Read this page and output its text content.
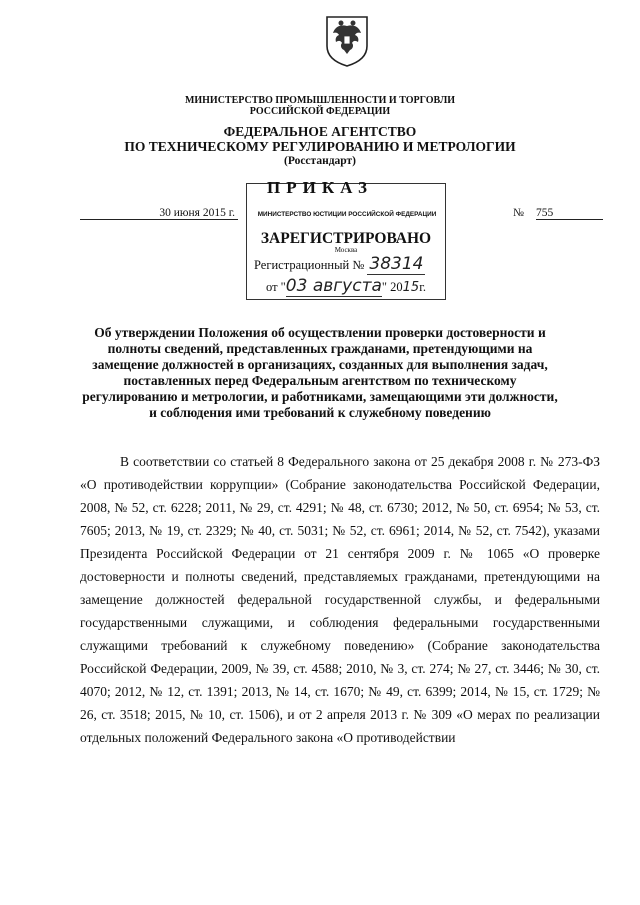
МИНИСТЕРСТВО ПРОМЫШЛЕННОСТИ И ТОРГОВЛИ
РОССИЙСКОЙ ФЕДЕРАЦИИ
ФЕДЕРАЛЬНОЕ АГЕНТСТВО
ПО ТЕХНИЧЕСКОМУ РЕГУЛИРОВАНИЮ И МЕТРОЛОГИИ
(Росстандарт)
ПРИКАЗ
30 июня 2015 г.	№ 755
МИНИСТЕРСТВО ЮСТИЦИИ РОССИЙСКОЙ ФЕДЕРАЦИИ
ЗАРЕГИСТРИРОВАНО
Москва
Регистрационный № 38314
от "03 августа" 2015г.
Об утверждении Положения об осуществлении проверки достоверности и полноты сведений, представленных гражданами, претендующими на замещение должностей в организациях, созданных для выполнения задач, поставленных перед Федеральным агентством по техническому регулированию и метрологии, и работниками, замещающими эти должности, и соблюдения ими требований к служебному поведению
В соответствии со статьей 8 Федерального закона от 25 декабря 2008 г. № 273-ФЗ «О противодействии коррупции» (Собрание законодательства Российской Федерации, 2008, № 52, ст. 6228; 2011, № 29, ст. 4291; № 48, ст. 6730; 2012, № 50, ст. 6954; № 53, ст. 7605; 2013, № 19, ст. 2329; № 40, ст. 5031; № 52, ст. 6961; 2014, № 52, ст. 7542), указами Президента Российской Федерации от 21 сентября 2009 г. № 1065 «О проверке достоверности и полноты сведений, представляемых гражданами, претендующими на замещение должностей федеральной государственной службы, и федеральными государственными служащими, и соблюдения федеральными государственными служащими требований к служебному поведению» (Собрание законодательства Российской Федерации, 2009, № 39, ст. 4588; 2010, № 3, ст. 274; № 27, ст. 3446; № 30, ст. 4070; 2012, № 12, ст. 1391; 2013, № 14, ст. 1670; № 49, ст. 6399; 2014, № 15, ст. 1729; № 26, ст. 3518; 2015, № 10, ст. 1506), и от 2 апреля 2013 г. № 309 «О мерах по реализации отдельных положений Федерального закона «О противодействии
